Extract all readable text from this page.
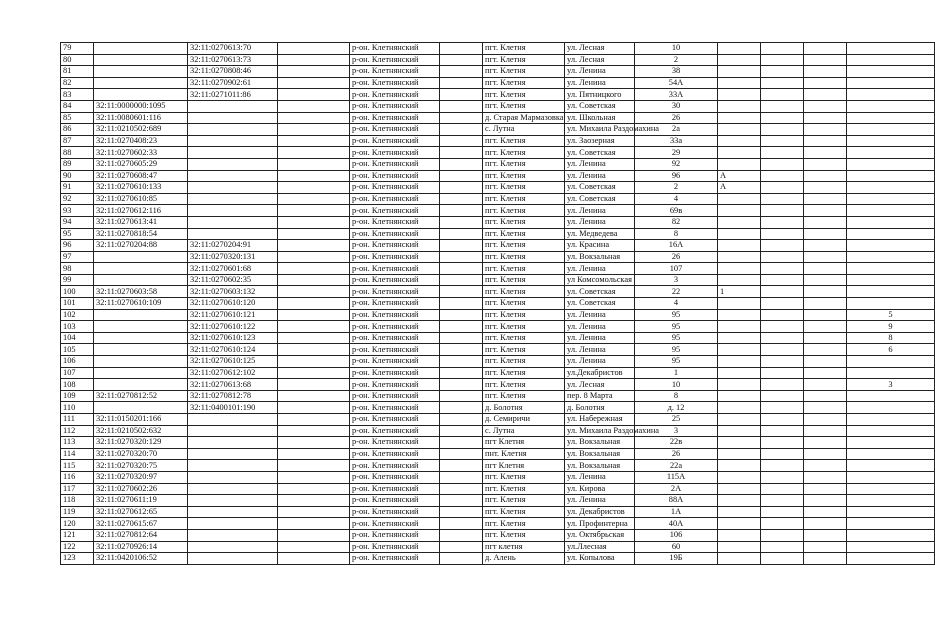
79		32:11:0270613:70		р-он. Клетнянский		пгт. Клетня	ул. Лесная	10				
80		32:11:0270613:73		р-он. Клетнянский		пгт. Клетня	ул. Лесная	2				
81		32:11:0270808:46		р-он. Клетнянский		пгт. Клетня	ул. Ленина	38				
82		32:11:0270902:61		р-он. Клетнянский		пгт. Клетня	ул. Ленина	54А				
83		32:11:0271011:86		р-он. Клетнянский		пгт. Клетня	ул. Пятницкого	33А				
84	32:11:0000000:1095			р-он. Клетнянский		пгт. Клетня	ул. Советская	30				
85	32:11:0080601:116			р-он. Клетнянский		д. Старая Мармазовка	ул. Школьная	26				
86	32:11:0210502:689			р-он. Клетнянский		с. Лутна	ул. Михаила Раздомахина	2а				
87	32:11:0270408:23			р-он. Клетнянский		пгт. Клетня	ул. Заозерная	33а				
88	32:11:0270602:33			р-он. Клетнянский		пгт. Клетня	ул. Советская	29				
89	32:11:0270605:29			р-он. Клетнянский		пгт. Клетня	ул. Ленина	92				
90	32:11:0270608:47			р-он. Клетнянский		пгт. Клетня	ул. Ленина	96	А			
91	32:11:0270610:133			р-он. Клетнянский		пгт. Клетня	ул. Советская	2	А			
92	32:11:0270610:85			р-он. Клетнянский		пгт. Клетня	ул. Советская	4				
93	32:11:0270612:116			р-он. Клетнянский		пгт. Клетня	ул. Ленина	69в				
94	32:11:0270613:41			р-он. Клетнянский		пгт. Клетня	ул. Ленина	82				
95	32:11:0270818:54			р-он. Клетнянский		пгт. Клетня	ул. Медведева	8				
96	32:11:0270204:88	32:11:0270204:91		р-он. Клетнянский		пгт. Клетня	ул. Красина	16А				
97		32:11:0270320:131		р-он. Клетнянский		пгт. Клетня	ул. Вокзальная	26				
98		32:11:0270601:68		р-он. Клетнянский		пгт. Клетня	ул. Ленина	107				
99		32:11:0270602:35		р-он. Клетнянский		пгт. Клетня	ул Комсомольская	3				
100	32:11:0270603:58	32:11:0270603:132		р-он. Клетнянский		пгт. Клетня	ул. Советская	22	1			
101	32:11:0270610:109	32:11:0270610:120		р-он. Клетнянский		пгт. Клетня	ул. Советская	4				
102		32:11:0270610:121		р-он. Клетнянский		пгт. Клетня	ул. Ленина	95				5
103		32:11:0270610:122		р-он. Клетнянский		пгт. Клетня	ул. Ленина	95				9
104		32:11:0270610:123		р-он. Клетнянский		пгт. Клетня	ул. Ленина	95				8
105		32:11:0270610:124		р-он. Клетнянский		пгт. Клетня	ул. Ленина	95				6
106		32:11:0270610:125		р-он. Клетнянский		пгт. Клетня	ул. Ленина	95				
107		32:11:0270612:102		р-он. Клетнянский		пгт. Клетня	ул.Декабристов	1				
108		32:11:0270613:68		р-он. Клетнянский		пгт. Клетня	ул. Лесная	10				3
109	32:11:0270812:52	32:11:0270812:78		р-он. Клетнянский		пгт. Клетня	пер. 8 Марта	8				
110		32:11:0400101:190		р-он. Клетнянский		д. Болотня	д. Болотня	д. 12				
111	32:11:0150201:166			р-он. Клетнянский		д. Семиричи	ул. Набережная	25				
112	32:11:0210502:632			р-он. Клетнянский		с. Лутна	ул. Михаила Раздомахина	3				
113	32:11:0270320:129			р-он. Клетнянский		пгт Клетня	ул. Вокзальная	22в				
114	32:11:0270320:70			р-он. Клетнянский		пнт. Клетня	ул. Вокзальная	26				
115	32:11:0270320:75			р-он. Клетнянский		пгт Клетня	ул. Вокзальная	22а				
116	32:11:0270320:97			р-он. Клетнянский		пгт. Клетня	ул. Ленина	115А				
117	32:11:0270602:26			р-он. Клетнянский		пгт. Клетня	ул. Кирова	2А				
118	32:11:0270611:19			р-он. Клетнянский		пгт. Клетня	ул. Ленина	88А				
119	32:11:0270612:65			р-он. Клетнянский		пгт. Клетня	ул. Декабристов	1А				
120	32:11:0270615:67			р-он. Клетнянский		пгт. Клетня	ул. Профинтерна	40А				
121	32:11:0270812:64			р-он. Клетнянский		пгт. Клетня	ул. Октябрьская	106				
122	32:11:0270926:14			р-он. Клетнянский		пгт клетня	ул.Ллесная	60				
123	32:11:0420106:52			р-он. Клетнянский		д. Алень	ул. Копылова	19Б				
